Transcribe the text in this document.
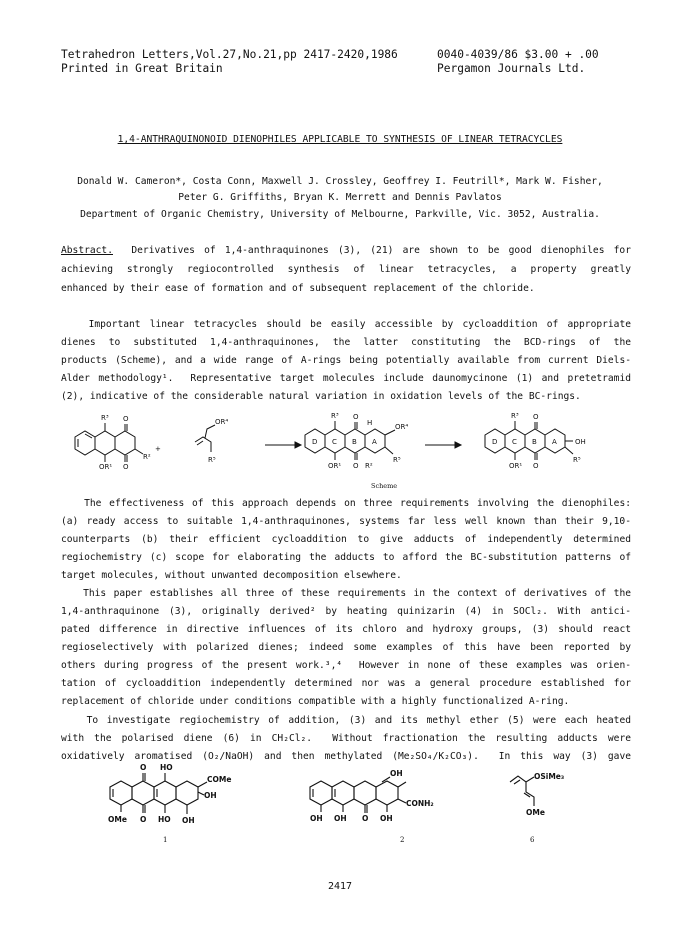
Tetrahedron Letters,Vol.27,No.21,pp 2417-2420,1986
Printed in Great Britain
0040-4039/86 $3.00 + .00
Pergamon Journals Ltd.
1,4-ANTHRAQUINONOID DIENOPHILES APPLICABLE TO SYNTHESIS OF LINEAR TETRACYCLES
Donald W. Cameron*, Costa Conn, Maxwell J. Crossley, Geoffrey I. Feutrill*, Mark W. Fisher,
Peter G. Griffiths, Bryan K. Merrett and Dennis Pavlatos
Department of Organic Chemistry, University of Melbourne, Parkville, Vic. 3052, Australia.
Abstract.  Derivatives of 1,4-anthraquinones (3), (21) are shown to be good dienophiles for
achieving strongly regiocontrolled synthesis of linear tetracycles, a property greatly
enhanced by their ease of formation and of subsequent replacement of the chloride.
Important linear tetracycles should be easily accessible by cycloaddition of appropriate
dienes to substituted 1,4-anthraquinones, the latter constituting the BCD-rings of the
products (Scheme), and a wide range of A-rings being potentially available from current Diels-
Alder methodology¹.  Representative target molecules include daunomycinone (1) and pretetramid
(2), indicative of the considerable natural variation in oxidation levels of the BC-rings.
R³ O
OR¹ O
R²
+
OR⁴
R⁵
R³ O
H	OR⁴
D C B A
OR¹ O R²
R⁵
R³ O
OH
D C B A
OR¹ O
R⁵
Scheme
The effectiveness of this approach depends on three requirements involving the dienophiles:
(a) ready access to suitable 1,4-anthraquinones, systems far less well known than their 9,10-
counterparts (b) their efficient cycloaddition to give adducts of independently determined
regiochemistry (c) scope for elaborating the adducts to afford the BC-substitution patterns of
target molecules, without unwanted decomposition elsewhere.
This paper establishes all three of these requirements in the context of derivatives of the
1,4-anthraquinone (3), originally derived² by heating quinizarin (4) in SOCl₂. With antici-
pated difference in directive influences of its chloro and hydroxy groups, (3) should react
regioselectively with polarized dienes; indeed some examples of this have been reported by
others during progress of the present work.³,⁴  However in none of these examples was orien-
tation of cycloaddition independently determined nor was a general procedure established for
replacement of chloride under conditions compatible with a highly functionalized A-ring.
To investigate regiochemistry of addition, (3) and its methyl ether (5) were each heated
with the polarised diene (6) in CH₂Cl₂.  Without fractionation the resulting adducts were
oxidatively aromatised (O₂/NaOH) and then methylated (Me₂SO₄/K₂CO₃).  In this way (3) gave
O HO
COMe
OH
OMe O HO OH
1
OH
CONH₂
OH OH O OH
2
OSiMe₃
OMe
6
2417
